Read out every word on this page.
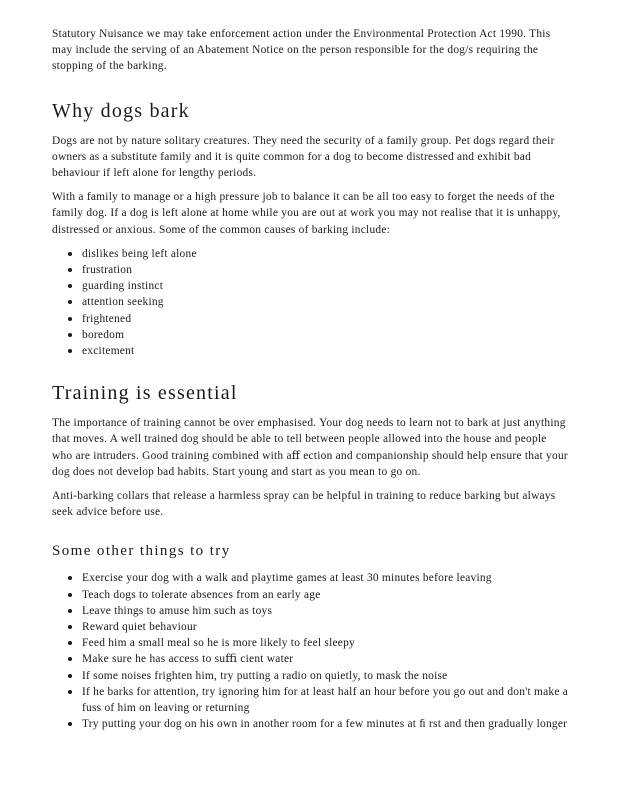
Statutory Nuisance we may take enforcement action under the Environmental Protection Act 1990. This may include the serving of an Abatement Notice on the person responsible for the dog/s requiring the stopping of the barking.

Why dogs bark

Dogs are not by nature solitary creatures. They need the security of a family group. Pet dogs regard their owners as a substitute family and it is quite common for a dog to become distressed and exhibit bad behaviour if left alone for lengthy periods.

With a family to manage or a high pressure job to balance it can be all too easy to forget the needs of the family dog. If a dog is left alone at home while you are out at work you may not realise that it is unhappy, distressed or anxious. Some of the common causes of barking include:

dislikes being left alone
frustration
guarding instinct
attention seeking
frightened
boredom
excitement
Training is essential

The importance of training cannot be over emphasised. Your dog needs to learn not to bark at just anything that moves. A well trained dog should be able to tell between people allowed into the house and people who are intruders. Good training combined with aﬀ ection and companionship should help ensure that your dog does not develop bad habits. Start young and start as you mean to go on.

Anti-barking collars that release a harmless spray can be helpful in training to reduce barking but always seek advice before use.

Some other things to try
Exercise your dog with a walk and playtime games at least 30 minutes before leaving
Teach dogs to tolerate absences from an early age
Leave things to amuse him such as toys
Reward quiet behaviour
Feed him a small meal so he is more likely to feel sleepy
Make sure he has access to suﬃ cient water
If some noises frighten him, try putting a radio on quietly, to mask the noise
If he barks for attention, try ignoring him for at least half an hour before you go out and don't make a fuss of him on leaving or returning
Try putting your dog on his own in another room for a few minutes at ﬁ rst and then gradually longer
